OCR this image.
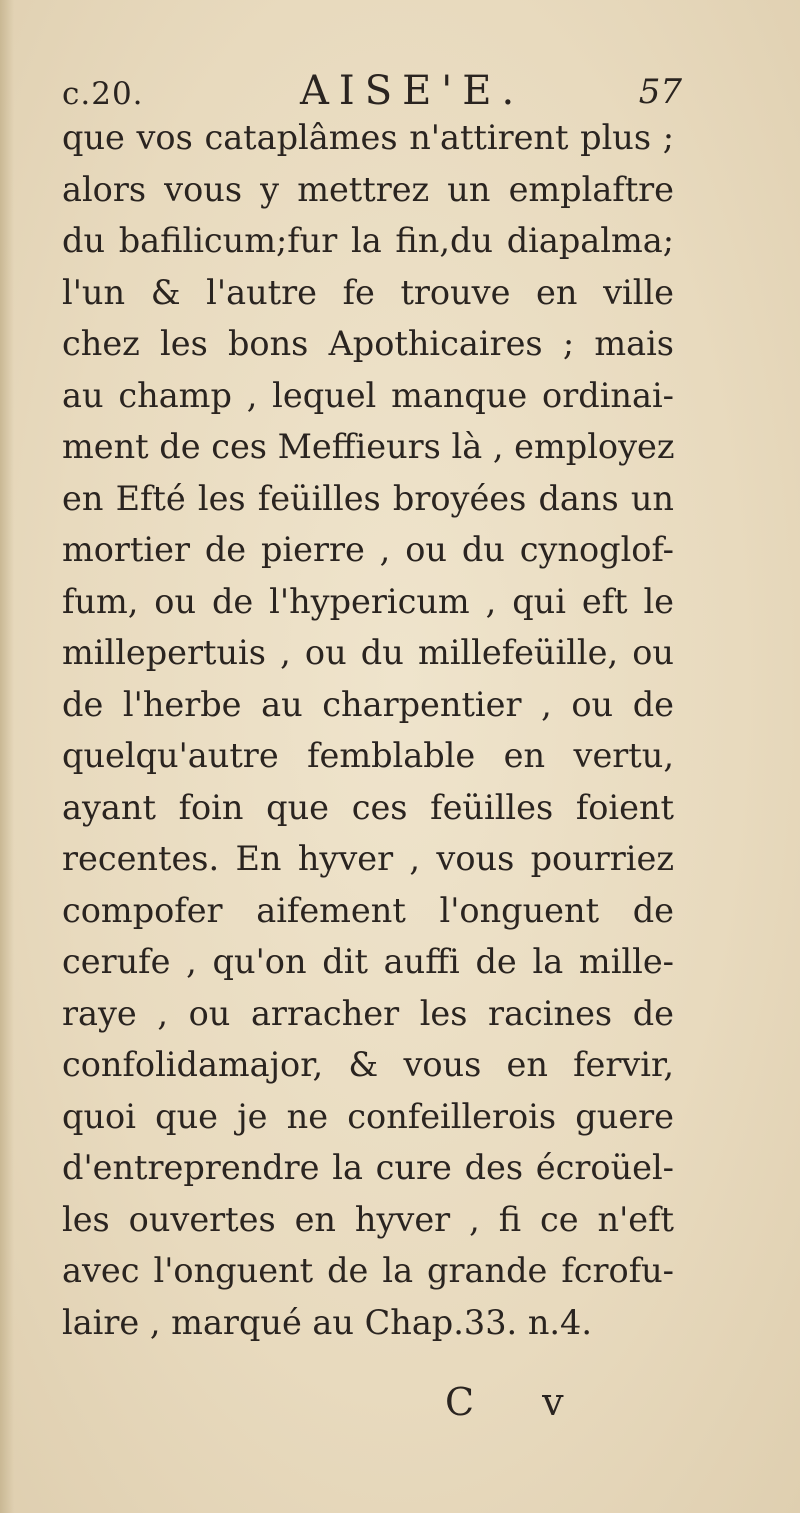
c.20.	AISE'E.	57
que vos cataplâmes n'attirent plus ;
alors vous y mettrez un emplaftre
du bafilicum;fur la fin,du diapalma;
l'un & l'autre fe trouve en ville
chez les bons Apothicaires ; mais
au champ , lequel manque ordinai-
ment de ces Meffieurs là , employez
en Efté les feüilles broyées dans un
mortier de pierre , ou du cynoglof-
fum, ou de l'hypericum , qui eft le
millepertuis , ou du millefeüille, ou
de l'herbe au charpentier , ou de
quelqu'autre femblable en vertu,
ayant foin que ces feüilles foient
recentes. En hyver , vous pourriez
compofer aifement l'onguent de
cerufe , qu'on dit auffi de la mille-
raye , ou arracher les racines de
confolidamajor, & vous en fervir,
quoi que je ne confeillerois guere
d'entreprendre la cure des écroüel-
les ouvertes en hyver , fi ce n'eft
avec l'onguent de la grande fcrofu-
laire , marqué au Chap.33. n.4.
C v
